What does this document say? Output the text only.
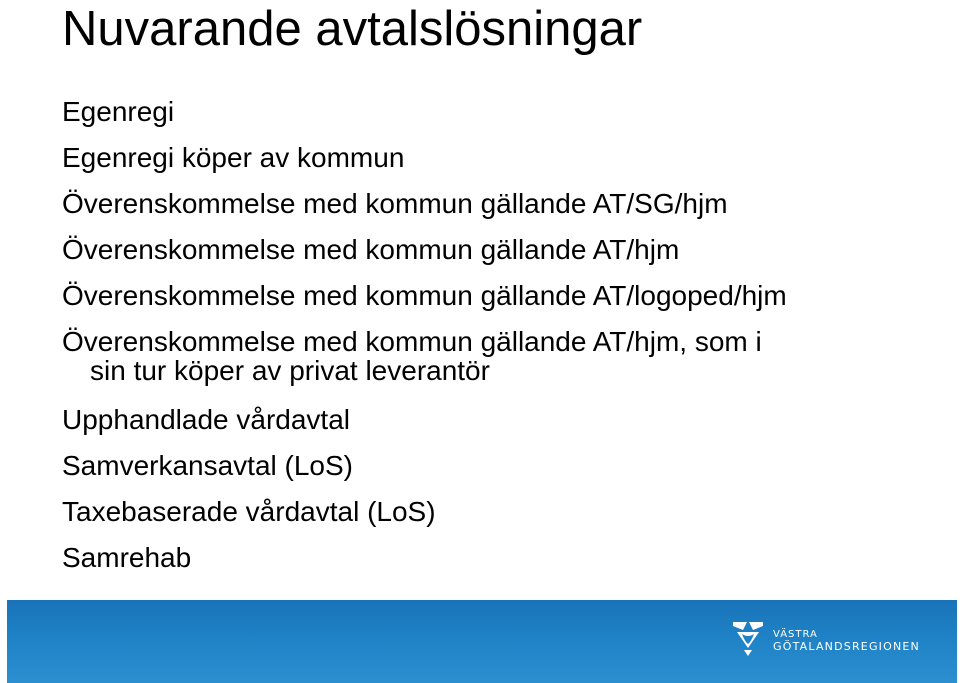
Nuvarande avtalslösningar
Egenregi
Egenregi köper av kommun
Överenskommelse med kommun gällande AT/SG/hjm
Överenskommelse med kommun gällande AT/hjm
Överenskommelse med kommun gällande AT/logoped/hjm
Överenskommelse med kommun gällande AT/hjm, som i
sin tur köper av privat leverantör
Upphandlade vårdavtal
Samverkansavtal (LoS)
Taxebaserade vårdavtal (LoS)
Samrehab
VÄSTRA
GÖTALANDSREGIONEN
